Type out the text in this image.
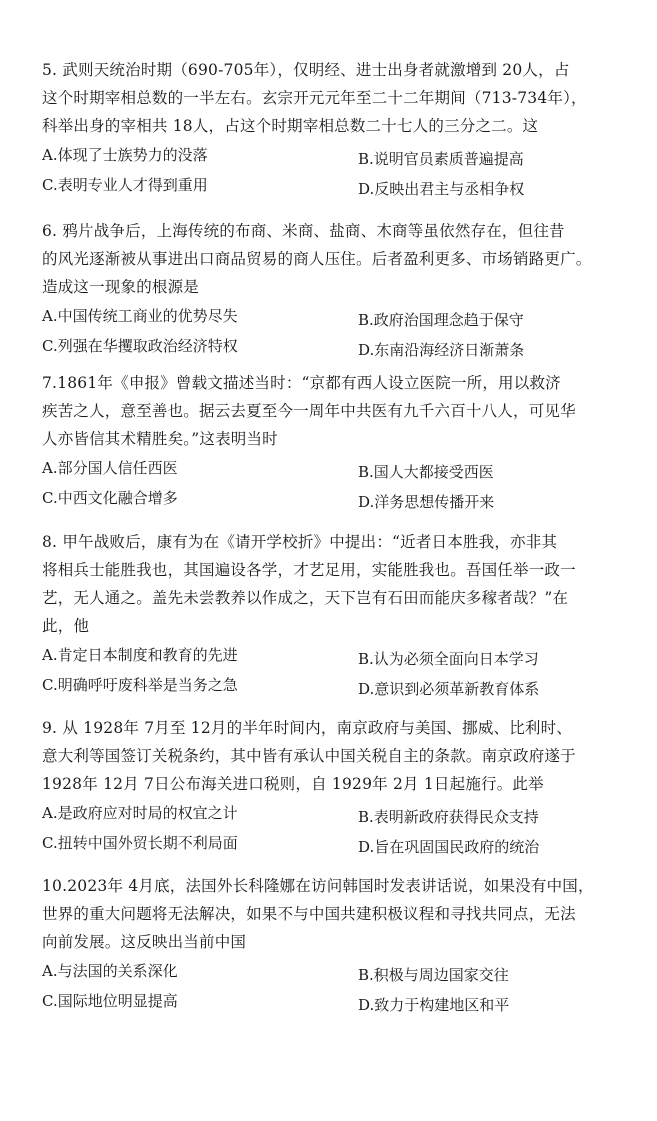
5. 武则天统治时期（690-705年），仅明经、进士出身者就激增到 20人，占
这个时期宰相总数的一半左右。玄宗开元元年至二十二年期间（713-734年），
科举出身的宰相共 18人，占这个时期宰相总数二十七人的三分之二。这
A.体现了士族势力的没落	B.说明官员素质普遍提高
C.表明专业人才得到重用	D.反映出君主与丞相争权
6. 鸦片战争后，上海传统的布商、米商、盐商、木商等虽依然存在，但往昔
的风光逐渐被从事进出口商品贸易的商人压住。后者盈利更多、市场销路更广。
造成这一现象的根源是
A.中国传统工商业的优势尽失	B.政府治国理念趋于保守
C.列强在华攫取政治经济特权	D.东南沿海经济日渐萧条
7.1861年《申报》曾载文描述当时：“京都有西人设立医院一所，用以救济
疾苦之人，意至善也。据云去夏至今一周年中共医有九千六百十八人，可见华
人亦皆信其术精胜矣。”这表明当时
A.部分国人信任西医	B.国人大都接受西医
C.中西文化融合增多	D.洋务思想传播开来
8. 甲午战败后，康有为在《请开学校折》中提出：“近者日本胜我，亦非其
将相兵士能胜我也，其国遍设各学，才艺足用，实能胜我也。吾国任举一政一
艺，无人通之。盖先未尝教养以作成之，天下岂有石田而能庆多稼者哉？”在
此，他
A.肯定日本制度和教育的先进	B.认为必须全面向日本学习
C.明确呼吁废科举是当务之急	D.意识到必须革新教育体系
9. 从 1928年 7月至 12月的半年时间内，南京政府与美国、挪威、比利时、
意大利等国签订关税条约，其中皆有承认中国关税自主的条款。南京政府遂于
1928年 12月 7日公布海关进口税则，自 1929年 2月 1日起施行。此举
A.是政府应对时局的权宜之计	B.表明新政府获得民众支持
C.扭转中国外贸长期不利局面	D.旨在巩固国民政府的统治
10.2023年 4月底，法国外长科隆娜在访问韩国时发表讲话说，如果没有中国，
世界的重大问题将无法解决，如果不与中国共建积极议程和寻找共同点，无法
向前发展。这反映出当前中国
A.与法国的关系深化	B.积极与周边国家交往
C.国际地位明显提高	D.致力于构建地区和平
